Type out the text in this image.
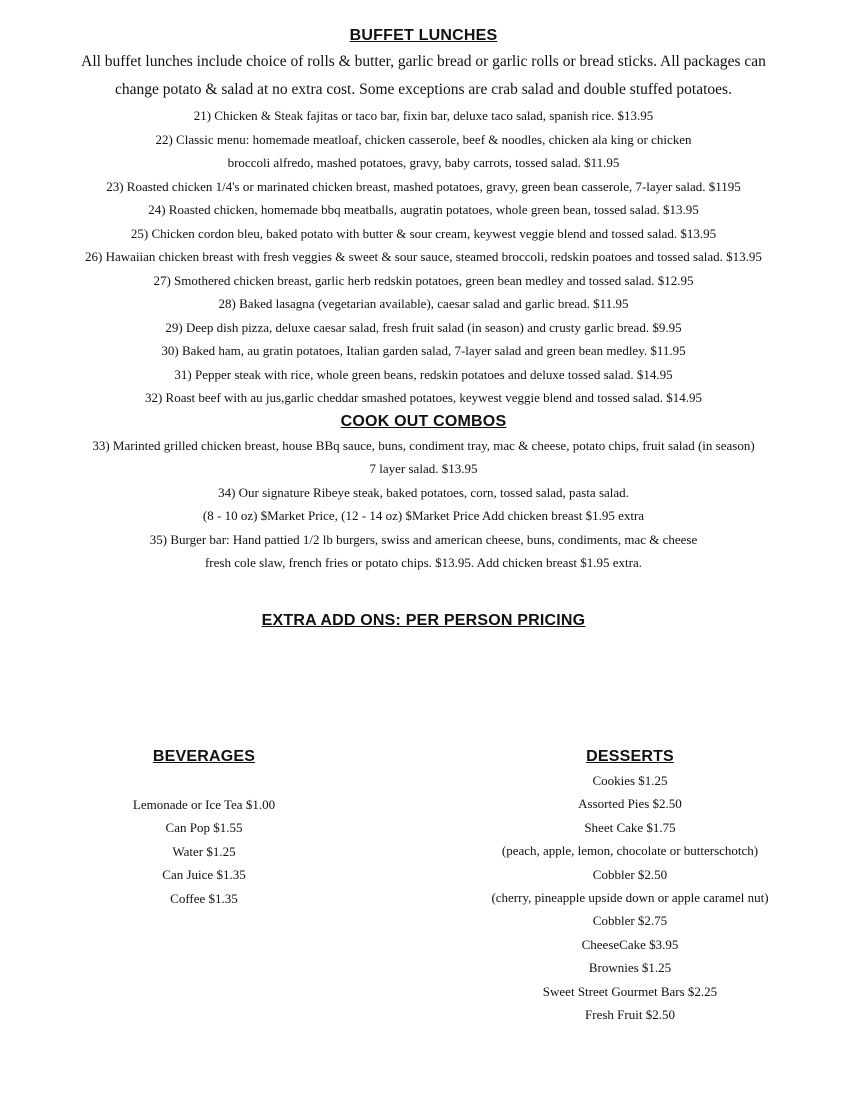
BUFFET LUNCHES
All buffet lunches include choice of rolls & butter, garlic bread or garlic rolls or bread sticks. All packages can
change potato & salad at no extra cost. Some exceptions are crab salad and double stuffed potatoes.
21) Chicken & Steak fajitas or taco bar, fixin bar, deluxe taco salad, spanish rice. $13.95
22) Classic menu: homemade meatloaf, chicken casserole, beef & noodles, chicken ala king or chicken
broccoli alfredo, mashed potatoes, gravy, baby carrots, tossed salad. $11.95
23) Roasted chicken 1/4's or marinated chicken breast, mashed potatoes, gravy, green bean casserole, 7-layer salad. $1195
24) Roasted chicken, homemade bbq meatballs, augratin potatoes, whole green bean, tossed salad. $13.95
25) Chicken cordon bleu, baked potato with butter & sour cream, keywest veggie blend and tossed salad. $13.95
26) Hawaiian chicken breast with fresh veggies & sweet & sour sauce, steamed broccoli, redskin poatoes and tossed salad. $13.95
27) Smothered chicken breast, garlic herb redskin potatoes, green bean medley and tossed salad. $12.95
28) Baked lasagna (vegetarian available), caesar salad and garlic bread. $11.95
29) Deep dish pizza, deluxe caesar salad, fresh fruit salad (in season) and crusty garlic bread. $9.95
30) Baked ham, au gratin potatoes, Italian garden salad, 7-layer salad and green bean medley. $11.95
31) Pepper steak with rice, whole green beans, redskin potatoes and deluxe tossed salad. $14.95
32) Roast beef with au jus,garlic cheddar smashed potatoes, keywest veggie blend and tossed salad. $14.95
COOK OUT COMBOS
33) Marinted grilled chicken breast, house BBq sauce, buns, condiment tray, mac & cheese, potato chips, fruit salad (in season)
7 layer salad. $13.95
34) Our signature Ribeye steak, baked potatoes, corn, tossed salad, pasta salad.
(8 - 10 oz) $Market Price, (12 - 14 oz) $Market Price Add chicken breast $1.95 extra
35) Burger bar: Hand pattied 1/2 lb burgers, swiss and american cheese, buns, condiments, mac & cheese
fresh cole slaw, french fries or potato chips. $13.95. Add chicken breast $1.95 extra.
EXTRA ADD ONS: PER PERSON PRICING
BEVERAGES
Lemonade or Ice Tea $1.00
Can Pop $1.55
Water $1.25
Can Juice $1.35
Coffee $1.35
DESSERTS
Cookies $1.25
Assorted Pies $2.50
Sheet Cake $1.75
(peach, apple, lemon, chocolate or butterschotch)
Cobbler $2.50
(cherry, pineapple upside down or apple caramel nut)
Cobbler $2.75
CheeseCake $3.95
Brownies $1.25
Sweet Street Gourmet Bars $2.25
Fresh Fruit $2.50
